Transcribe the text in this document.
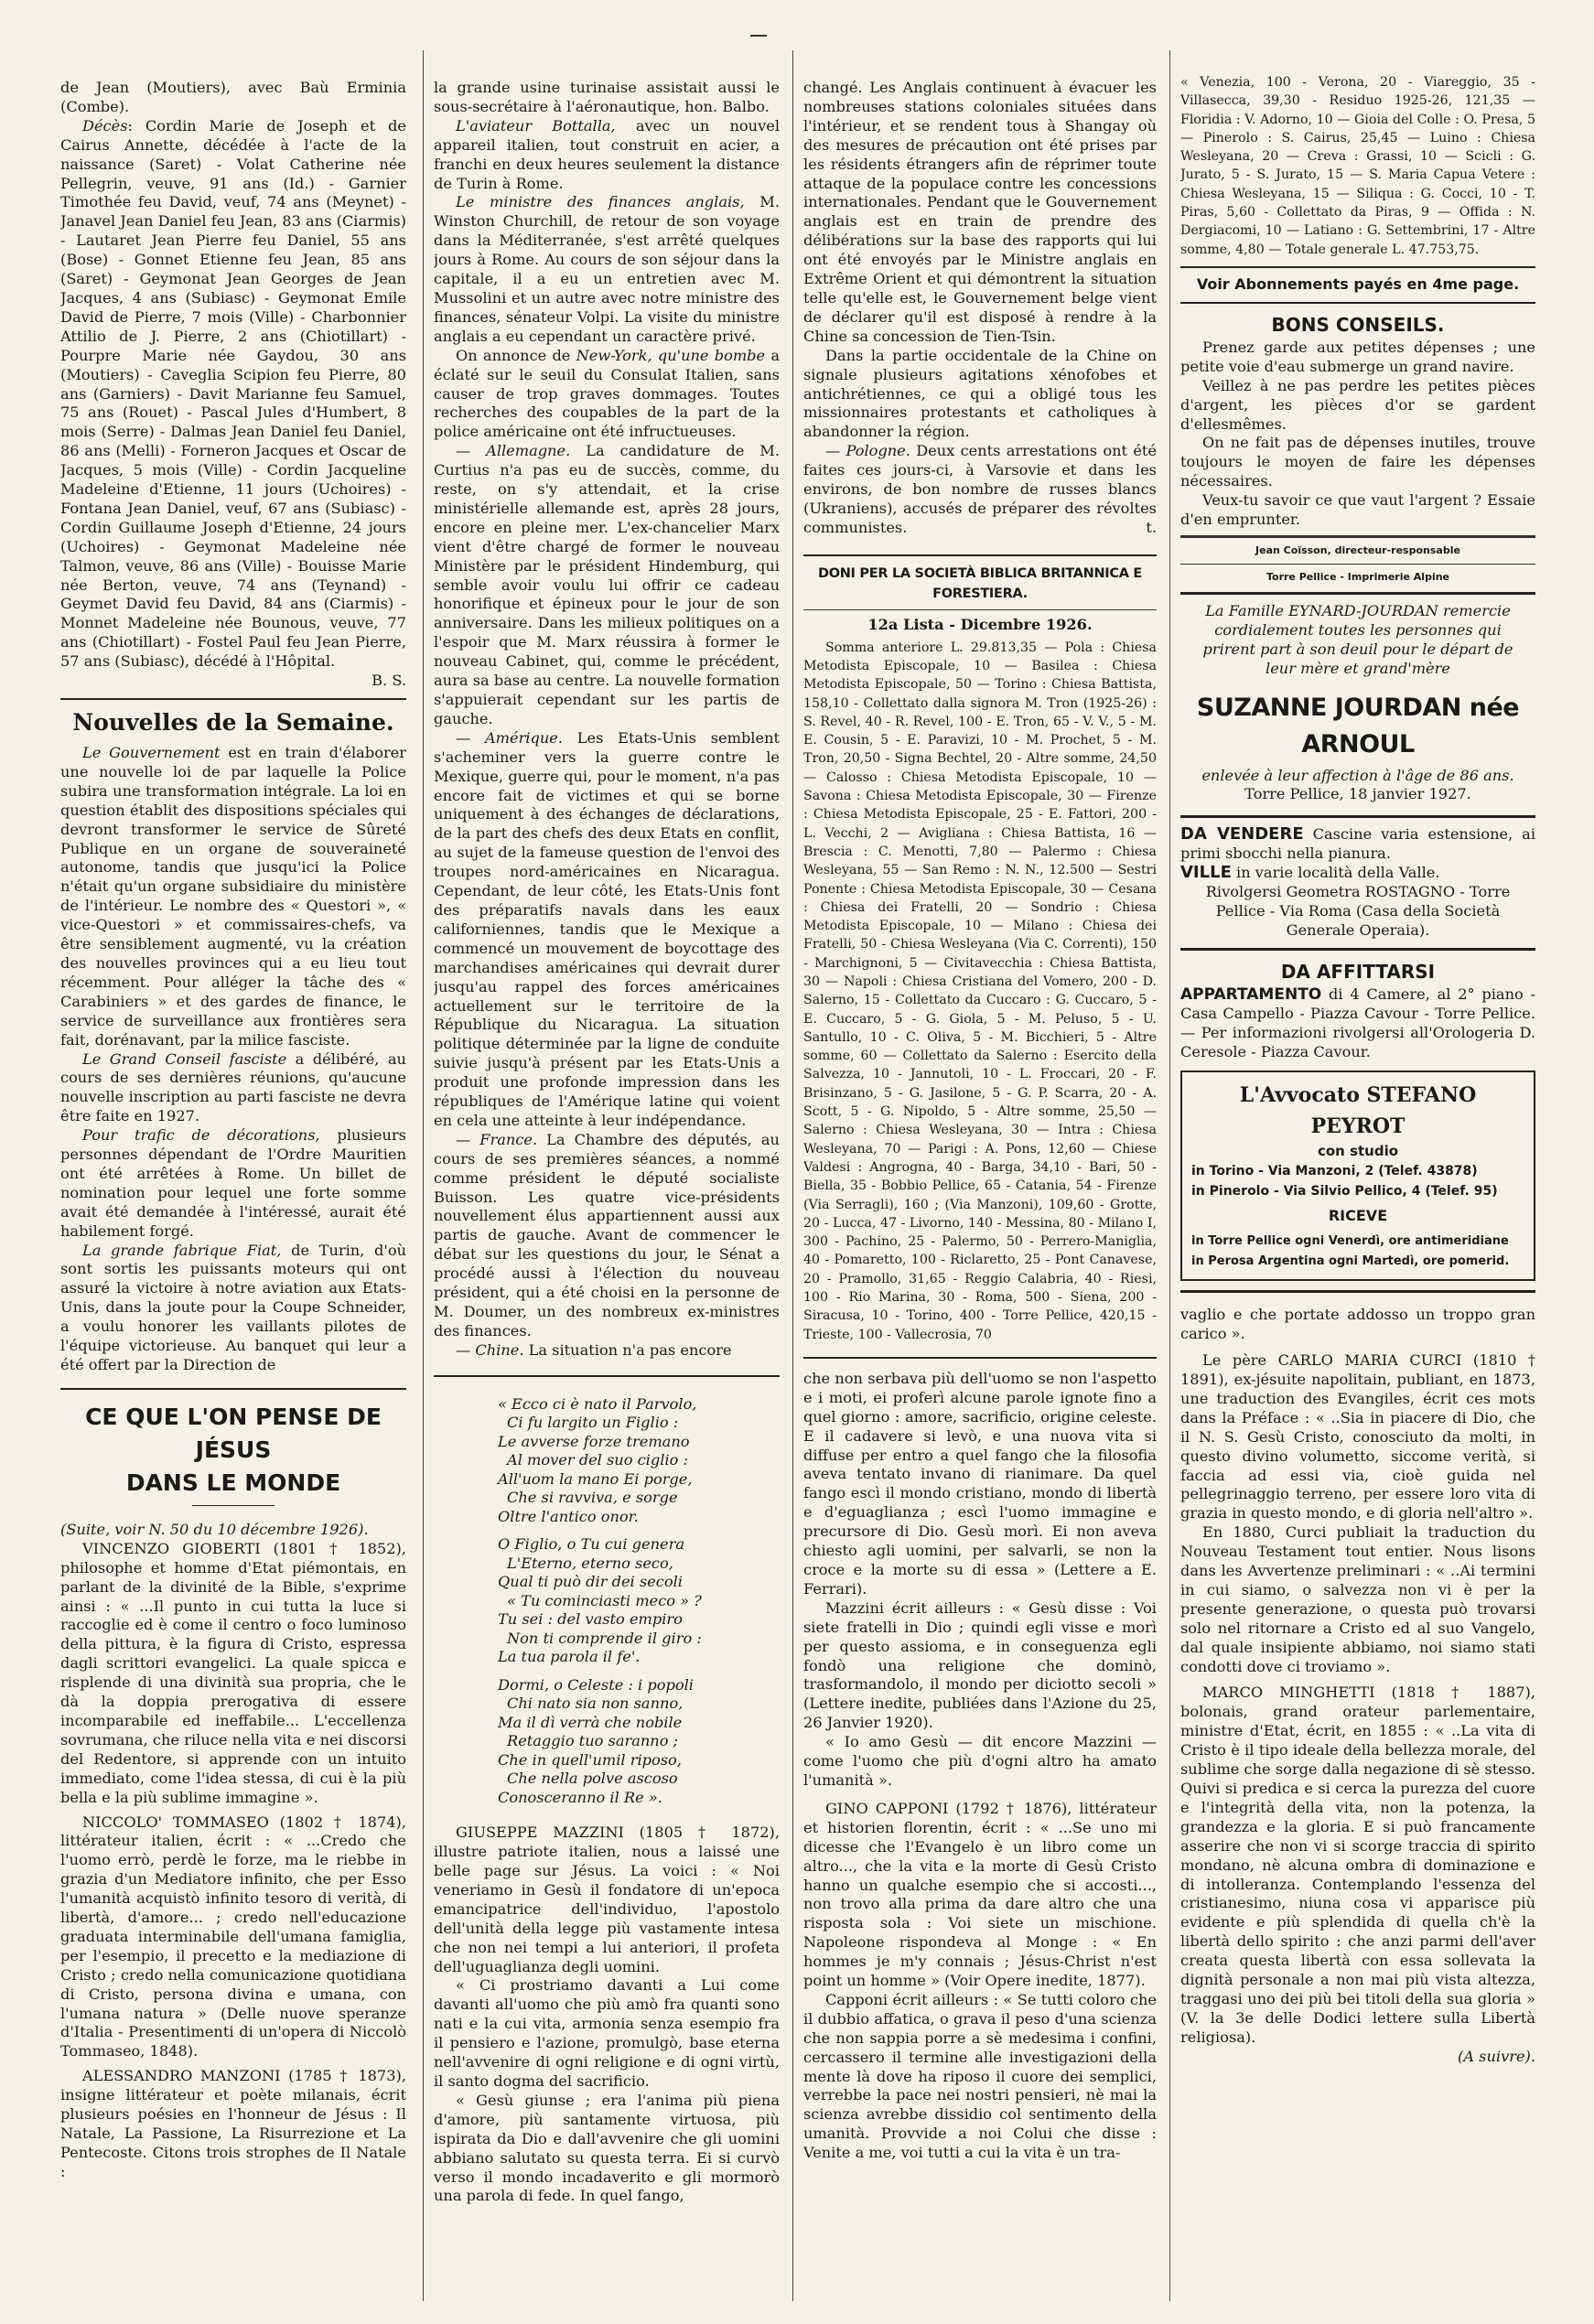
de Jean (Moutiers), avec Baù Erminia (Combe).

Décès: Cordin Marie de Joseph et de Cairus Annette, décédée à l'acte de la naissance (Saret) - Volat Catherine née Pellegrin, veuve, 91 ans (Id.) - Garnier Timothée feu David, veuf, 74 ans (Meynet) - Janavel Jean Daniel feu Jean, 83 ans (Ciarmis) - Lautaret Jean Pierre feu Daniel, 55 ans (Bose) - Gonnet Etienne feu Jean, 85 ans (Saret) - Geymonat Jean Georges de Jean Jacques, 4 ans (Subiasc) - Geymonat Emile David de Pierre, 7 mois (Ville) - Charbonnier Attilio de J. Pierre, 2 ans (Chiotillart) - Pourpre Marie née Gaydou, 30 ans (Moutiers) - Caveglia Scipion feu Pierre, 80 ans (Garniers) - Davit Marianne feu Samuel, 75 ans (Rouet) - Pascal Jules d'Humbert, 8 mois (Serre) - Dalmas Jean Daniel feu Daniel, 86 ans (Melli) - Forneron Jacques et Oscar de Jacques, 5 mois (Ville) - Cordin Jacqueline Madeleine d'Etienne, 11 jours (Uchoires) - Fontana Jean Daniel, veuf, 67 ans (Subiasc) - Cordin Guillaume Joseph d'Etienne, 24 jours (Uchoires) - Geymonat Madeleine née Talmon, veuve, 86 ans (Ville) - Bouisse Marie née Berton, veuve, 74 ans (Teynand) - Geymet David feu David, 84 ans (Ciarmis) - Monnet Madeleine née Bounous, veuve, 77 ans (Chiotillart) - Fostel Paul feu Jean Pierre, 57 ans (Subiasc), décédé à l'Hôpital.

B. S.

Nouvelles de la Semaine.

Le Gouvernement est en train d'élaborer une nouvelle loi de par laquelle la Police subira une transformation intégrale. La loi en question établit des dispositions spéciales qui devront transformer le service de Sûreté Publique en un organe de souveraineté autonome, tandis que jusqu'ici la Police n'était qu'un organe subsidiaire du ministère de l'intérieur. Le nombre des « Questori », « vice-Questori » et commissaires-chefs, va être sensiblement augmenté, vu la création des nouvelles provinces qui a eu lieu tout récemment. Pour alléger la tâche des « Carabiniers » et des gardes de finance, le service de surveillance aux frontières sera fait, dorénavant, par la milice fasciste.

Le Grand Conseil fasciste a délibéré, au cours de ses dernières réunions, qu'aucune nouvelle inscription au parti fasciste ne devra être faite en 1927.

Pour trafic de décorations, plusieurs personnes dépendant de l'Ordre Mauritien ont été arrêtées à Rome. Un billet de nomination pour lequel une forte somme avait été demandée à l'intéressé, aurait été habilement forgé.

La grande fabrique Fiat, de Turin, d'où sont sortis les puissants moteurs qui ont assuré la victoire à notre aviation aux Etats-Unis, dans la joute pour la Coupe Schneider, a voulu honorer les vaillants pilotes de l'équipe victorieuse. Au banquet qui leur a été offert par la Direction de

CE QUE L'ON PENSE DE JÉSUS
DANS LE MONDE

(Suite, voir N. 50 du 10 décembre 1926).

VINCENZO GIOBERTI (1801 † 1852), philosophe et homme d'Etat piémontais, en parlant de la divinité de la Bible, s'exprime ainsi : « ...Il punto in cui tutta la luce si raccoglie ed è come il centro o foco luminoso della pittura, è la figura di Cristo, espressa dagli scrittori evangelici. La quale spicca e risplende di una divinità sua propria, che le dà la doppia prerogativa di essere incomparabile ed ineffabile... L'eccellenza sovrumana, che riluce nella vita e nei discorsi del Redentore, si apprende con un intuito immediato, come l'idea stessa, di cui è la più bella e la più sublime immagine ».

NICCOLO' TOMMASEO (1802 † 1874), littérateur italien, écrit : « ...Credo che l'uomo errò, perdè le forze, ma le riebbe in grazia d'un Mediatore infinito, che per Esso l'umanità acquistò infinito tesoro di verità, di libertà, d'amore... ; credo nell'educazione graduata interminabile dell'umana famiglia, per l'esempio, il precetto e la mediazione di Cristo ; credo nella comunicazione quotidiana di Cristo, persona divina e umana, con l'umana natura » (Delle nuove speranze d'Italia - Presentimenti di un'opera di Niccolò Tommaseo, 1848).

ALESSANDRO MANZONI (1785 † 1873), insigne littérateur et poète milanais, écrit plusieurs poésies en l'honneur de Jésus : Il Natale, La Passione, La Risurrezione et La Pentecoste. Citons trois strophes de Il Natale :

la grande usine turinaise assistait aussi le sous-secrétaire à l'aéronautique, hon. Balbo.

L'aviateur Bottalla, avec un nouvel appareil italien, tout construit en acier, a franchi en deux heures seulement la distance de Turin à Rome.

Le ministre des finances anglais, M. Winston Churchill, de retour de son voyage dans la Méditerranée, s'est arrêté quelques jours à Rome. Au cours de son séjour dans la capitale, il a eu un entretien avec M. Mussolini et un autre avec notre ministre des finances, sénateur Volpi. La visite du ministre anglais a eu cependant un caractère privé.

On annonce de New-York, qu'une bombe a éclaté sur le seuil du Consulat Italien, sans causer de trop graves dommages. Toutes recherches des coupables de la part de la police américaine ont été infructueuses.

— Allemagne. La candidature de M. Curtius n'a pas eu de succès, comme, du reste, on s'y attendait, et la crise ministérielle allemande est, après 28 jours, encore en pleine mer. L'ex-chancelier Marx vient d'être chargé de former le nouveau Ministère par le président Hindemburg, qui semble avoir voulu lui offrir ce cadeau honorifique et épineux pour le jour de son anniversaire. Dans les milieux politiques on a l'espoir que M. Marx réussira à former le nouveau Cabinet, qui, comme le précédent, aura sa base au centre. La nouvelle formation s'appuierait cependant sur les partis de gauche.

— Amérique. Les Etats-Unis semblent s'acheminer vers la guerre contre le Mexique, guerre qui, pour le moment, n'a pas encore fait de victimes et qui se borne uniquement à des échanges de déclarations, de la part des chefs des deux Etats en conflit, au sujet de la fameuse question de l'envoi des troupes nord-américaines en Nicaragua. Cependant, de leur côté, les Etats-Unis font des préparatifs navals dans les eaux californiennes, tandis que le Mexique a commencé un mouvement de boycottage des marchandises américaines qui devrait durer jusqu'au rappel des forces américaines actuellement sur le territoire de la République du Nicaragua. La situation politique déterminée par la ligne de conduite suivie jusqu'à présent par les Etats-Unis a produit une profonde impression dans les républiques de l'Amérique latine qui voient en cela une atteinte à leur indépendance.

— France. La Chambre des députés, au cours de ses premières séances, a nommé comme président le député socialiste Buisson. Les quatre vice-présidents nouvellement élus appartiennent aussi aux partis de gauche. Avant de commencer le débat sur les questions du jour, le Sénat a procédé aussi à l'élection du nouveau président, qui a été choisi en la personne de M. Doumer, un des nombreux ex-ministres des finances.

— Chine. La situation n'a pas encore

« Ecco ci è nato il Parvolo,
Ci fu largito un Figlio :
Le avverse forze tremano
Al mover del suo ciglio :
All'uom la mano Ei porge,
Che si ravviva, e sorge
Oltre l'antico onor.
O Figlio, o Tu cui genera
L'Eterno, eterno seco,
Qual ti può dir dei secoli
« Tu cominciasti meco » ?
Tu sei : del vasto empiro
Non ti comprende il giro :
La tua parola il fe'.
Dormi, o Celeste : i popoli
Chi nato sia non sanno,
Ma il dì verrà che nobile
Retaggio tuo saranno ;
Che in quell'umil riposo,
Che nella polve ascoso
Conosceranno il Re ».

GIUSEPPE MAZZINI (1805 † 1872), illustre patriote italien, nous a laissé une belle page sur Jésus. La voici : « Noi veneriamo in Gesù il fondatore di un'epoca emancipatrice dell'individuo, l'apostolo dell'unità della legge più vastamente intesa che non nei tempi a lui anteriori, il profeta dell'uguaglianza degli uomini.

« Ci prostriamo davanti a Lui come davanti all'uomo che più amò fra quanti sono nati e la cui vita, armonia senza esempio fra il pensiero e l'azione, promulgò, base eterna nell'avvenire di ogni religione e di ogni virtù, il santo dogma del sacrificio.

« Gesù giunse ; era l'anima più piena d'amore, più santamente virtuosa, più ispirata da Dio e dall'avvenire che gli uomini abbiano salutato su questa terra. Ei si curvò verso il mondo incadaverito e gli mormorò una parola di fede. In quel fango,

changé. Les Anglais continuent à évacuer les nombreuses stations coloniales situées dans l'intérieur, et se rendent tous à Shangay où des mesures de précaution ont été prises par les résidents étrangers afin de réprimer toute attaque de la populace contre les concessions internationales. Pendant que le Gouvernement anglais est en train de prendre des délibérations sur la base des rapports qui lui ont été envoyés par le Ministre anglais en Extrême Orient et qui démontrent la situation telle qu'elle est, le Gouvernement belge vient de déclarer qu'il est disposé à rendre à la Chine sa concession de Tien-Tsin.

Dans la partie occidentale de la Chine on signale plusieurs agitations xénofobes et antichrétiennes, ce qui a obligé tous les missionnaires protestants et catholiques à abandonner la région.

— Pologne. Deux cents arrestations ont été faites ces jours-ci, à Varsovie et dans les environs, de bon nombre de russes blancs (Ukraniens), accusés de préparer des révoltes communistes.	t.

DONI PER LA SOCIETÀ BIBLICA BRITANNICA E FORESTIERA.
12a Lista - Dicembre 1926.

Somma anteriore L. 29.813,35 — Pola : Chiesa Metodista Episcopale, 10 — Basilea : Chiesa Metodista Episcopale, 50 — Torino : Chiesa Battista, 158,10 - Collettato dalla signora M. Tron (1925-26) : S. Revel, 40 - R. Revel, 100 - E. Tron, 65 - V. V., 5 - M. E. Cousin, 5 - E. Paravizi, 10 - M. Prochet, 5 - M. Tron, 20,50 - Signa Bechtel, 20 - Altre somme, 24,50 — Calosso : Chiesa Metodista Episcopale, 10 — Savona : Chiesa Metodista Episcopale, 30 — Firenze : Chiesa Metodista Episcopale, 25 - E. Fattori, 200 - L. Vecchi, 2 — Avigliana : Chiesa Battista, 16 — Brescia : C. Menotti, 7,80 — Palermo : Chiesa Wesleyana, 55 — San Remo : N. N., 12.500 — Sestri Ponente : Chiesa Metodista Episcopale, 30 — Cesana : Chiesa dei Fratelli, 20 — Sondrio : Chiesa Metodista Episcopale, 10 — Milano : Chiesa dei Fratelli, 50 - Chiesa Wesleyana (Via C. Correnti), 150 - Marchignoni, 5 — Civitavecchia : Chiesa Battista, 30 — Napoli : Chiesa Cristiana del Vomero, 200 - D. Salerno, 15 - Collettato da Cuccaro : G. Cuccaro, 5 - E. Cuccaro, 5 - G. Giola, 5 - M. Peluso, 5 - U. Santullo, 10 - C. Oliva, 5 - M. Bicchieri, 5 - Altre somme, 60 — Collettato da Salerno : Esercito della Salvezza, 10 - Jannutoli, 10 - L. Froccari, 20 - F. Brisinzano, 5 - G. Jasilone, 5 - G. P. Scarra, 20 - A. Scott, 5 - G. Nipoldo, 5 - Altre somme, 25,50 — Salerno : Chiesa Wesleyana, 30 — Intra : Chiesa Wesleyana, 70 — Parigi : A. Pons, 12,60 — Chiese Valdesi : Angrogna, 40 - Barga, 34,10 - Bari, 50 - Biella, 35 - Bobbio Pellice, 65 - Catania, 54 - Firenze (Via Serragli), 160 ; (Via Manzoni), 109,60 - Grotte, 20 - Lucca, 47 - Livorno, 140 - Messina, 80 - Milano I, 300 - Pachino, 25 - Palermo, 50 - Perrero-Maniglia, 40 - Pomaretto, 100 - Riclaretto, 25 - Pont Canavese, 20 - Pramollo, 31,65 - Reggio Calabria, 40 - Riesi, 100 - Rio Marina, 30 - Roma, 500 - Siena, 200 - Siracusa, 10 - Torino, 400 - Torre Pellice, 420,15 - Trieste, 100 - Vallecrosia, 70

che non serbava più dell'uomo se non l'aspetto e i moti, ei proferì alcune parole ignote fino a quel giorno : amore, sacrificio, origine celeste. E il cadavere si levò, e una nuova vita si diffuse per entro a quel fango che la filosofia aveva tentato invano di rianimare. Da quel fango escì il mondo cristiano, mondo di libertà e d'eguaglianza ; escì l'uomo immagine e precursore di Dio. Gesù morì. Ei non aveva chiesto agli uomini, per salvarli, se non la croce e la morte su di essa » (Lettere a E. Ferrari).

Mazzini écrit ailleurs : « Gesù disse : Voi siete fratelli in Dio ; quindi egli visse e morì per questo assioma, e in conseguenza egli fondò una religione che dominò, trasformandolo, il mondo per diciotto secoli » (Lettere inedite, publiées dans l'Azione du 25, 26 Janvier 1920).

« Io amo Gesù — dit encore Mazzini — come l'uomo che più d'ogni altro ha amato l'umanità ».

GINO CAPPONI (1792 † 1876), littérateur et historien florentin, écrit : « ...Se uno mi dicesse che l'Evangelo è un libro come un altro..., che la vita e la morte di Gesù Cristo hanno un qualche esempio che si accosti..., non trovo alla prima da dare altro che una risposta sola : Voi siete un mischione. Napoleone rispondeva al Monge : « En hommes je m'y connais ; Jésus-Christ n'est point un homme » (Voir Opere inedite, 1877).

Capponi écrit ailleurs : « Se tutti coloro che il dubbio affatica, o grava il peso d'una scienza che non sappia porre a sè medesima i confini, cercassero il termine alle investigazioni della mente là dove ha riposo il cuore dei semplici, verrebbe la pace nei nostri pensieri, nè mai la scienza avrebbe dissidio col sentimento della umanità. Provvide a noi Colui che disse : Venite a me, voi tutti a cui la vita è un tra-

« Venezia, 100 - Verona, 20 - Viareggio, 35 - Villasecca, 39,30 - Residuo 1925-26, 121,35 — Floridia : V. Adorno, 10 — Gioia del Colle : O. Presa, 5 — Pinerolo : S. Cairus, 25,45 — Luino : Chiesa Wesleyana, 20 — Creva : Grassi, 10 — Scicli : G. Jurato, 5 - S. Jurato, 15 — S. Maria Capua Vetere : Chiesa Wesleyana, 15 — Siliqua : G. Cocci, 10 - T. Piras, 5,60 - Collettato da Piras, 9 — Offida : N. Dergiacomi, 10 — Latiano : G. Settembrini, 17 - Altre somme, 4,80 — Totale generale L. 47.753,75.

Voir Abonnements payés en 4me page.
BONS CONSEILS.

Prenez garde aux petites dépenses ; une petite voie d'eau submerge un grand navire.

Veillez à ne pas perdre les petites pièces d'argent, les pièces d'or se gardent d'ellesmêmes.

On ne fait pas de dépenses inutiles, trouve toujours le moyen de faire les dépenses nécessaires.

Veux-tu savoir ce que vaut l'argent ? Essaie d'en emprunter.

Jean Coïsson, directeur-responsable
Torre Pellice - Imprimerie Alpine

La Famille EYNARD-JOURDAN remercie cordialement toutes les personnes qui prirent part à son deuil pour le départ de leur mère et grand'mère

SUZANNE JOURDAN née ARNOUL

enlevée à leur affection à l'âge de 86 ans.

Torre Pellice, 18 janvier 1927.

DA VENDERE Cascine varia estensione, ai primi sbocchi nella pianura.
VILLE in varie località della Valle.

Rivolgersi Geometra ROSTAGNO - Torre Pellice - Via Roma (Casa della Società Generale Operaia).

DA AFFITTARSI

APPARTAMENTO di 4 Camere, al 2° piano - Casa Campello - Piazza Cavour - Torre Pellice. — Per informazioni rivolgersi all'Orologeria D. Ceresole - Piazza Cavour.

L'Avvocato STEFANO PEYROT
con studio
in Torino - Via Manzoni, 2 (Telef. 43878)
in Pinerolo - Via Silvio Pellico, 4 (Telef. 95)
RICEVE
in Torre Pellice ogni Venerdì, ore antimeridiane
in Perosa Argentina ogni Martedì, ore pomerid.

vaglio e che portate addosso un troppo gran carico ».

Le père CARLO MARIA CURCI (1810 † 1891), ex-jésuite napolitain, publiant, en 1873, une traduction des Evangiles, écrit ces mots dans la Préface : « ..Sia in piacere di Dio, che il N. S. Gesù Cristo, conosciuto da molti, in questo divino volumetto, siccome verità, si faccia ad essi via, cioè guida nel pellegrinaggio terreno, per essere loro vita di grazia in questo mondo, e di gloria nell'altro ».

En 1880, Curci publiait la traduction du Nouveau Testament tout entier. Nous lisons dans les Avvertenze preliminari : « ..Ai termini in cui siamo, o salvezza non vi è per la presente generazione, o questa può trovarsi solo nel ritornare a Cristo ed al suo Vangelo, dal quale insipiente abbiamo, noi siamo stati condotti dove ci troviamo ».

MARCO MINGHETTI (1818 † 1887), bolonais, grand orateur parlementaire, ministre d'Etat, écrit, en 1855 : « ..La vita di Cristo è il tipo ideale della bellezza morale, del sublime che sorge dalla negazione di sè stesso. Quivi si predica e si cerca la purezza del cuore e l'integrità della vita, non la potenza, la grandezza e la gloria. E si può francamente asserire che non vi si scorge traccia di spirito mondano, nè alcuna ombra di dominazione e di intolleranza. Contemplando l'essenza del cristianesimo, niuna cosa vi apparisce più evidente e più splendida di quella ch'è la libertà dello spirito : che anzi parmi dell'aver creata questa libertà con essa sollevata la dignità personale a non mai più vista altezza, traggasi uno dei più bei titoli della sua gloria » (V. la 3e delle Dodici lettere sulla Libertà religiosa).

(A suivre).
